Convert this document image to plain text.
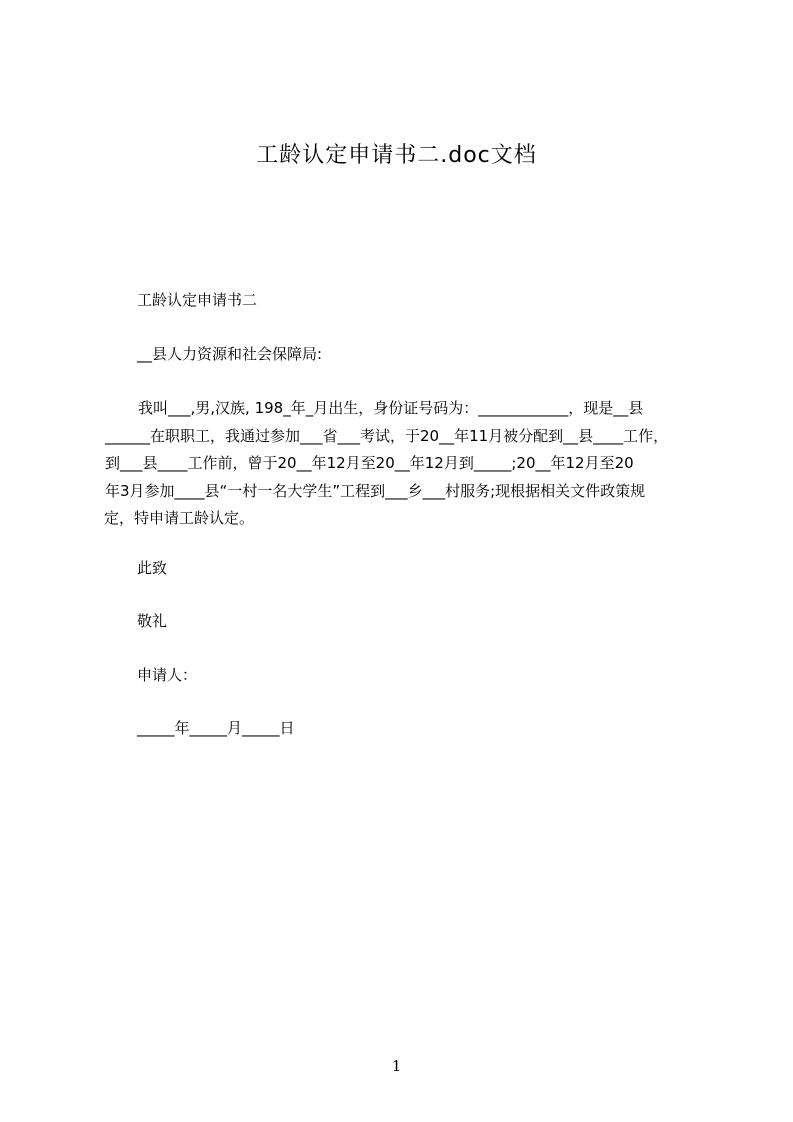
工龄认定申请书二.doc文档
工龄认定申请书二
__县人力资源和社会保障局:
我叫___,男,汉族, 198_年_月出生，身份证号码为：____________，现是__县
______在职职工，我通过参加___省___考试，于20__年11月被分配到__县____工作，
到___县____工作前，曾于20__年12月至20__年12月到_____;20__年12月至20
年3月参加____县“一村一名大学生”工程到___乡___村服务;现根据相关文件政策规
定，特申请工龄认定。
此致
敬礼
申请人：
_____年_____月_____日
1
